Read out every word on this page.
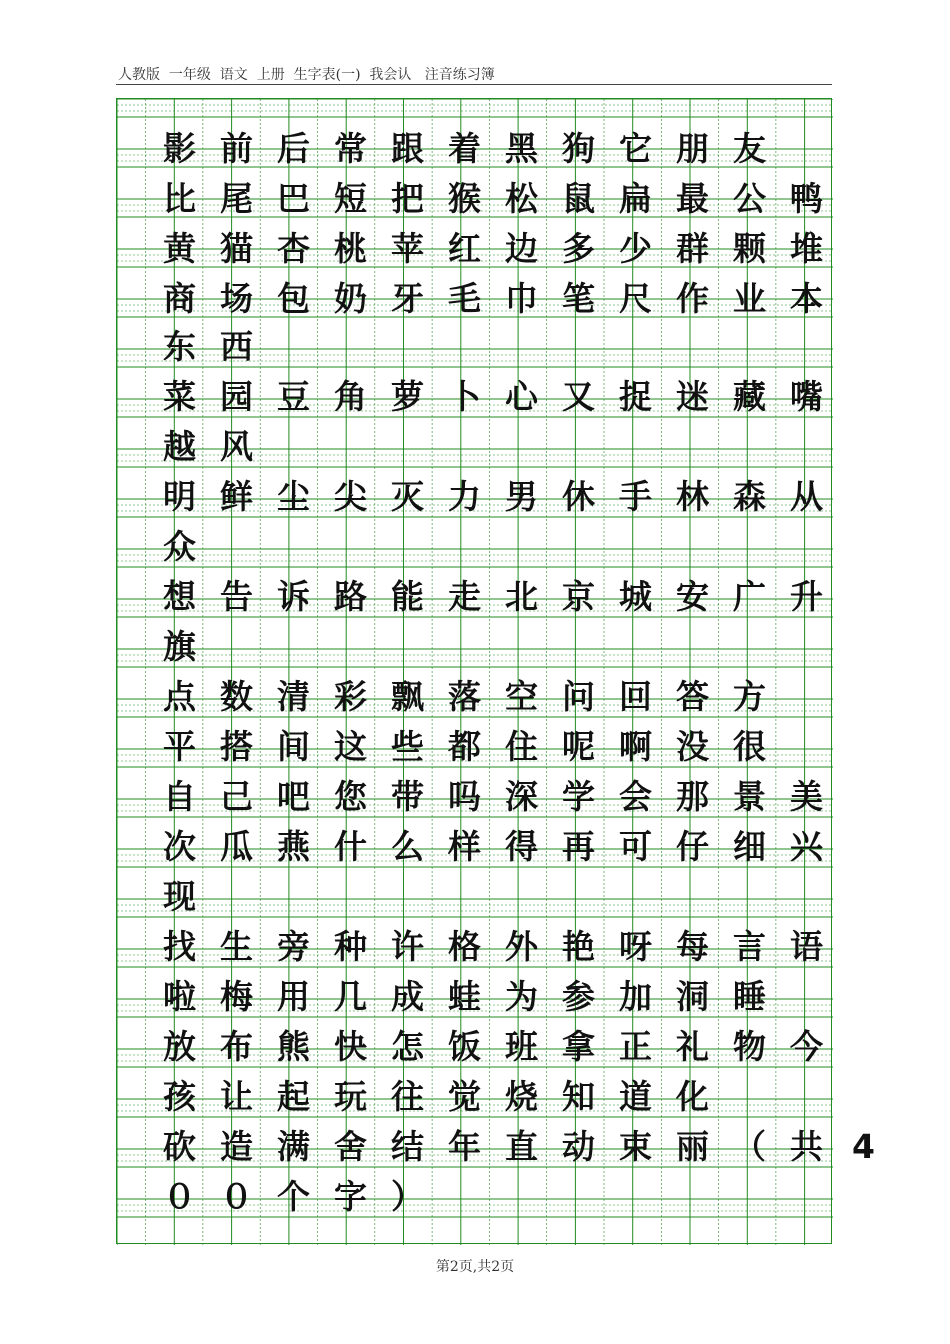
人教版  一年级  语文  上册  生字表(一)  我会认   注音练习簿
影 前 后 常 跟 着 黑 狗 它 朋 友
比 尾 巴 短 把 猴 松 鼠 扁 最 公 鸭
黄 猫 杏 桃 苹 红 边 多 少 群 颗 堆
商 场 包 奶 牙 毛 巾 笔 尺 作 业 本
东 西
菜 园 豆 角 萝 卜 心 又 捉 迷 藏 嘴
越 风
明 鲜 尘 尖 灭 力 男 休 手 林 森 从
众
想 告 诉 路 能 走 北 京 城 安 广 升
旗
点 数 清 彩 飘 落 空 问 回 答 方
平 搭 间 这 些 都 住 呢 啊 没 很
自 己 吧 您 带 吗 深 学 会 那 景 美
次 瓜 燕 什 么 样 得 再 可 仔 细 兴
现
找 生 旁 种 许 格 外 艳 呀 每 言 语
啦 梅 用 几 成 蛙 为 参 加 洞 睡
放 布 熊 快 怎 饭 班 拿 正 礼 物 今
孩 让 起 玩 往 觉 烧 知 道 化
砍 造 满 舍 结 年 直 动 束 丽 （ 共 4
０ ０ 个 字 ）
第2页,共2页
